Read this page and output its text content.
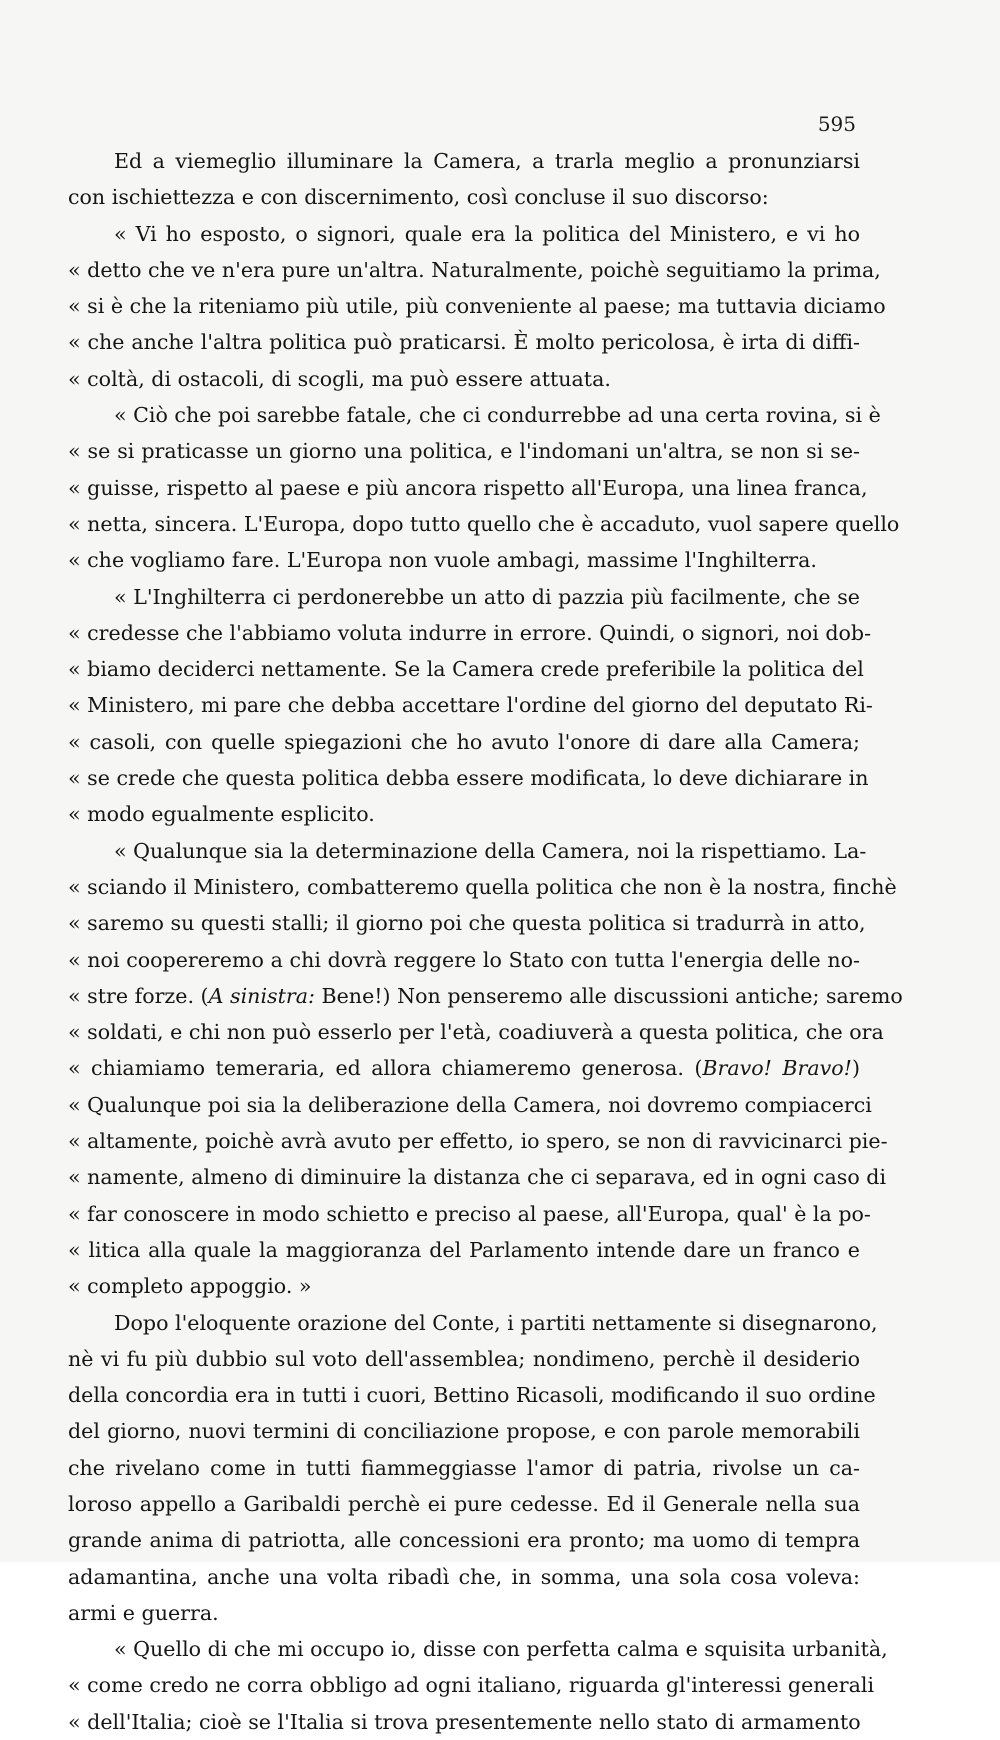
595

Ed a viemeglio illuminare la Camera, a trarla meglio a pronunziarsi

con ischiettezza e con discernimento, così concluse il suo discorso:

« Vi ho esposto, o signori, quale era la politica del Ministero, e vi ho

« detto che ve n'era pure un'altra. Naturalmente, poichè seguitiamo la prima,

« si è che la riteniamo più utile, più conveniente al paese; ma tuttavia diciamo

« che anche l'altra politica può praticarsi. È molto pericolosa, è irta di diffi-

« coltà, di ostacoli, di scogli, ma può essere attuata.

« Ciò che poi sarebbe fatale, che ci condurrebbe ad una certa rovina, si è

« se si praticasse un giorno una politica, e l'indomani un'altra, se non si se-

« guisse, rispetto al paese e più ancora rispetto all'Europa, una linea franca,

« netta, sincera. L'Europa, dopo tutto quello che è accaduto, vuol sapere quello

« che vogliamo fare. L'Europa non vuole ambagi, massime l'Inghilterra.

« L'Inghilterra ci perdonerebbe un atto di pazzia più facilmente, che se

« credesse che l'abbiamo voluta indurre in errore. Quindi, o signori, noi dob-

« biamo deciderci nettamente. Se la Camera crede preferibile la politica del

« Ministero, mi pare che debba accettare l'ordine del giorno del deputato Ri-

« casoli, con quelle spiegazioni che ho avuto l'onore di dare alla Camera;

« se crede che questa politica debba essere modificata, lo deve dichiarare in

« modo egualmente esplicito.

« Qualunque sia la determinazione della Camera, noi la rispettiamo. La-

« sciando il Ministero, combatteremo quella politica che non è la nostra, finchè

« saremo su questi stalli; il giorno poi che questa politica si tradurrà in atto,

« noi coopereremo a chi dovrà reggere lo Stato con tutta l'energia delle no-

« stre forze. (A sinistra: Bene!) Non penseremo alle discussioni antiche; saremo

« soldati, e chi non può esserlo per l'età, coadiuverà a questa politica, che ora

« chiamiamo temeraria, ed allora chiameremo generosa. (Bravo! Bravo!)

« Qualunque poi sia la deliberazione della Camera, noi dovremo compiacerci

« altamente, poichè avrà avuto per effetto, io spero, se non di ravvicinarci pie-

« namente, almeno di diminuire la distanza che ci separava, ed in ogni caso di

« far conoscere in modo schietto e preciso al paese, all'Europa, qual' è la po-

« litica alla quale la maggioranza del Parlamento intende dare un franco e

« completo appoggio. »

Dopo l'eloquente orazione del Conte, i partiti nettamente si disegnarono,

nè vi fu più dubbio sul voto dell'assemblea; nondimeno, perchè il desiderio

della concordia era in tutti i cuori, Bettino Ricasoli, modificando il suo ordine

del giorno, nuovi termini di conciliazione propose, e con parole memorabili

che rivelano come in tutti fiammeggiasse l'amor di patria, rivolse un ca-

loroso appello a Garibaldi perchè ei pure cedesse. Ed il Generale nella sua

grande anima di patriotta, alle concessioni era pronto; ma uomo di tempra

adamantina, anche una volta ribadì che, in somma, una sola cosa voleva:

armi e guerra.

« Quello di che mi occupo io, disse con perfetta calma e squisita urbanità,

« come credo ne corra obbligo ad ogni italiano, riguarda gl'interessi generali

« dell'Italia; cioè se l'Italia si trova presentemente nello stato di armamento
